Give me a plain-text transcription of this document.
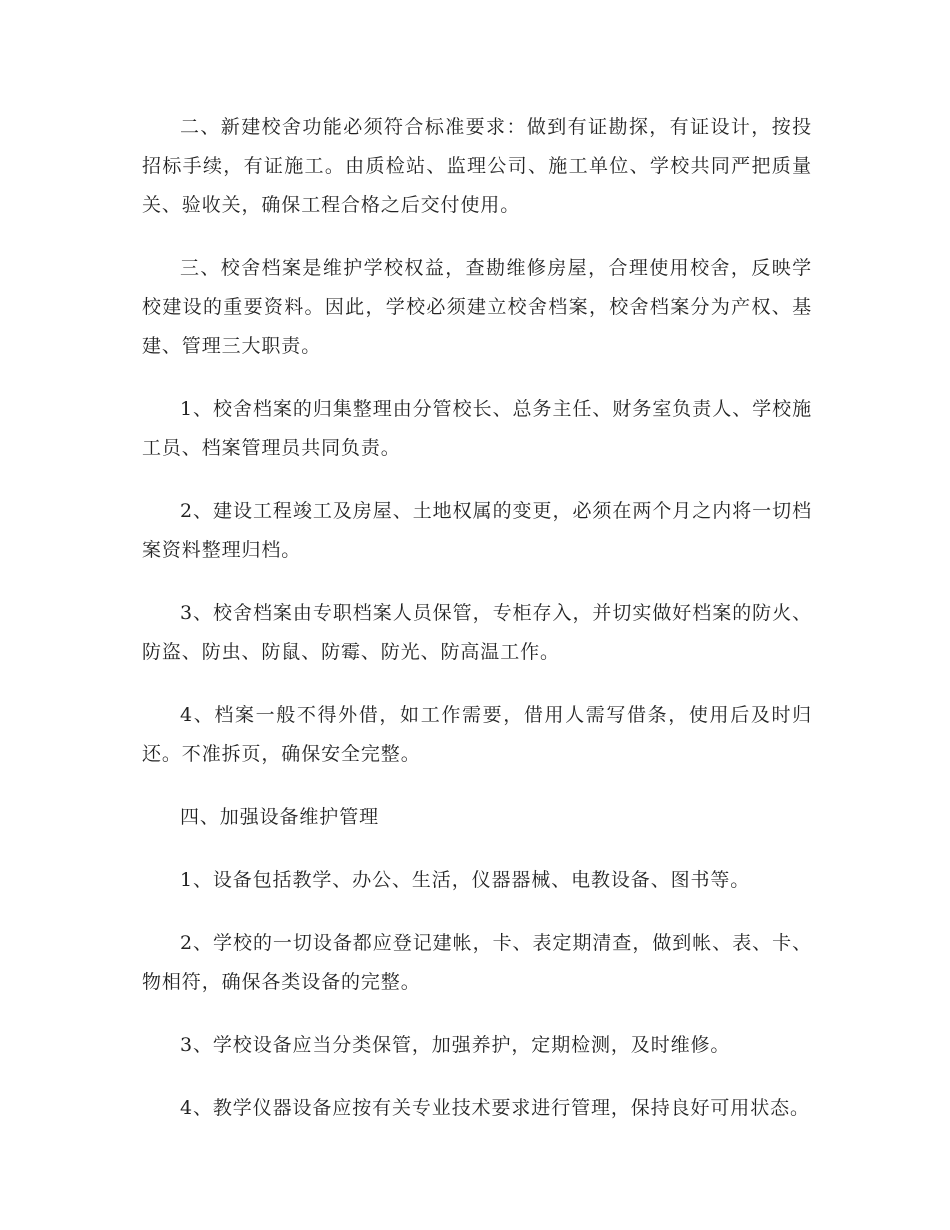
二、新建校舍功能必须符合标准要求：做到有证勘探，有证设计，按投招标手续，有证施工。由质检站、监理公司、施工单位、学校共同严把质量关、验收关，确保工程合格之后交付使用。

三、校舍档案是维护学校权益，查勘维修房屋，合理使用校舍，反映学校建设的重要资料。因此，学校必须建立校舍档案，校舍档案分为产权、基建、管理三大职责。

1、校舍档案的归集整理由分管校长、总务主任、财务室负责人、学校施工员、档案管理员共同负责。

2、建设工程竣工及房屋、土地权属的变更，必须在两个月之内将一切档案资料整理归档。

3、校舍档案由专职档案人员保管，专柜存入，并切实做好档案的防火、防盗、防虫、防鼠、防霉、防光、防高温工作。

4、档案一般不得外借，如工作需要，借用人需写借条，使用后及时归还。不准拆页，确保安全完整。

四、加强设备维护管理

1、设备包括教学、办公、生活，仪器器械、电教设备、图书等。

2、学校的一切设备都应登记建帐，卡、表定期清查，做到帐、表、卡、物相符，确保各类设备的完整。

3、学校设备应当分类保管，加强养护，定期检测，及时维修。

4、教学仪器设备应按有关专业技术要求进行管理，保持良好可用状态。
